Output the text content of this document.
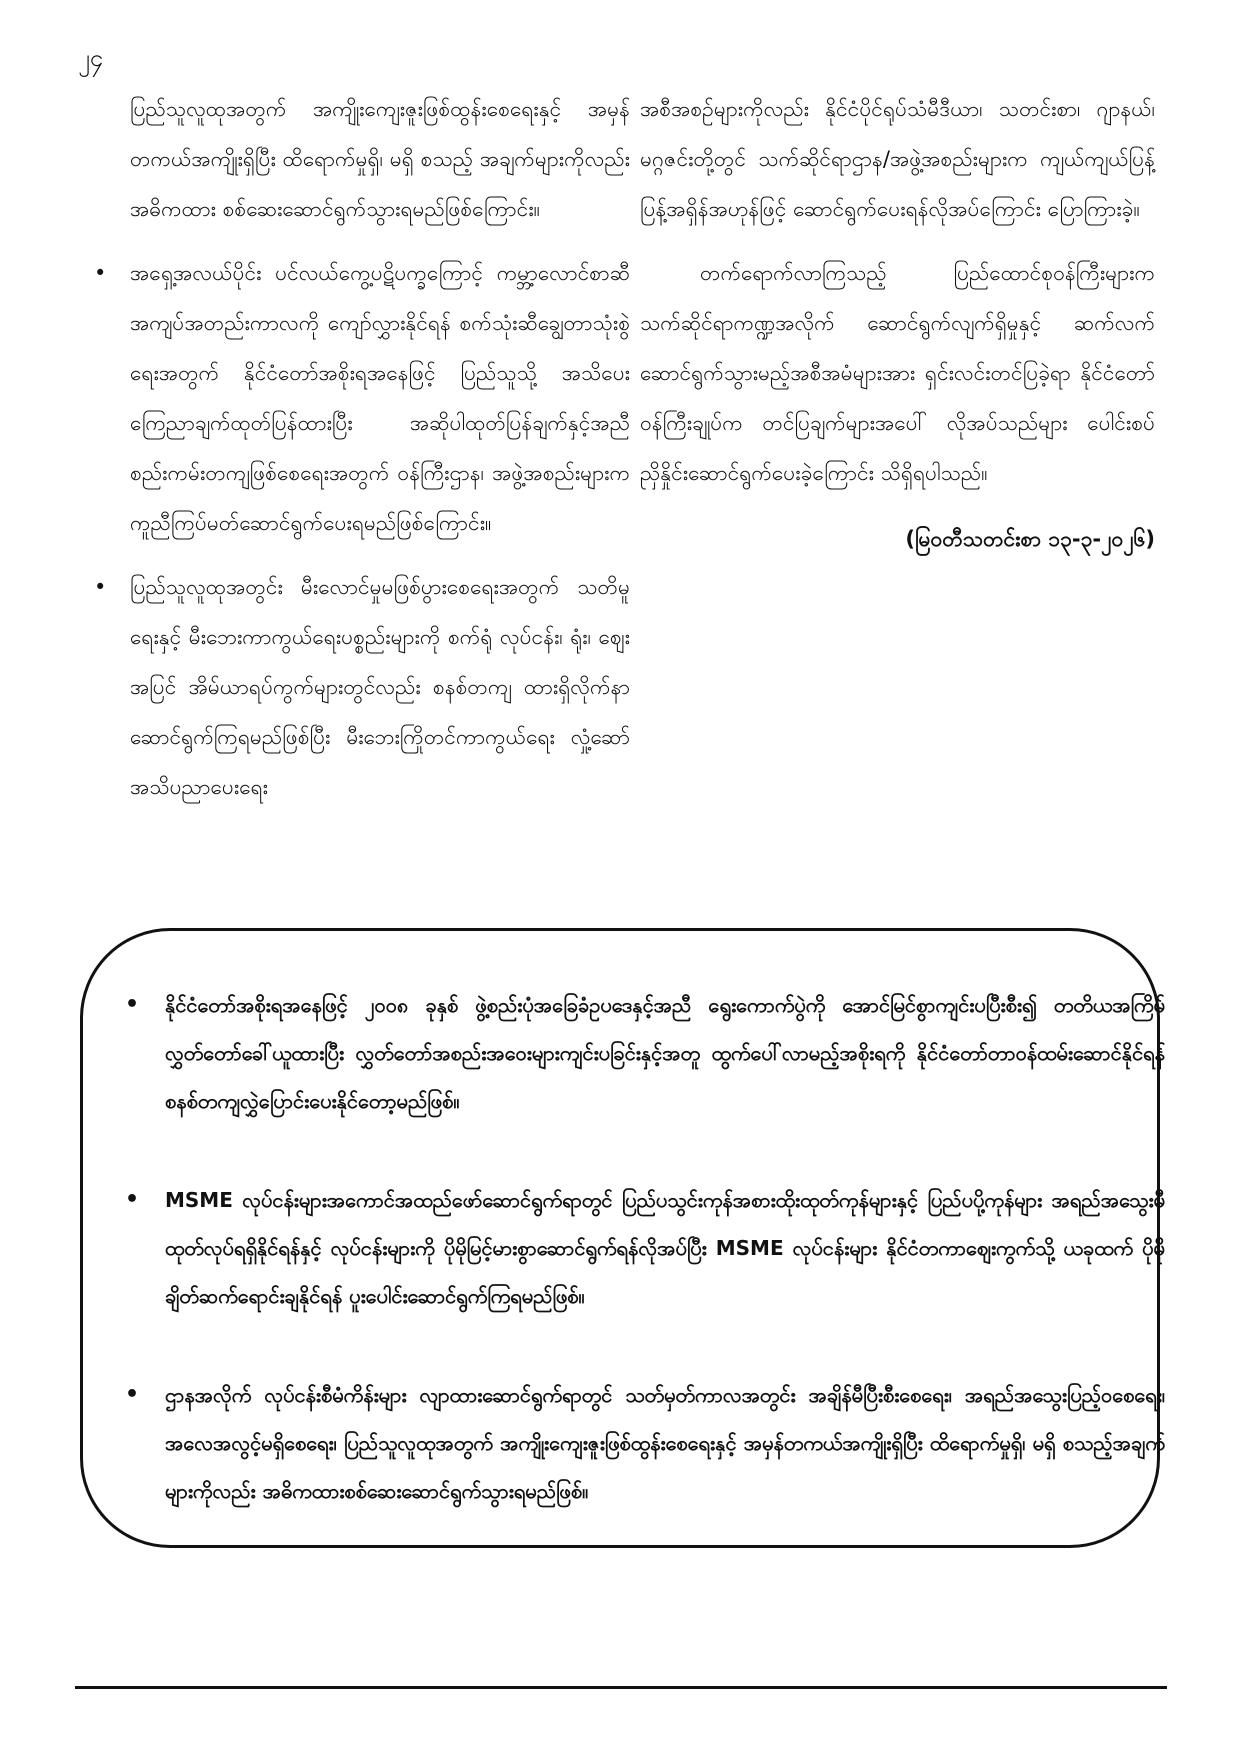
၂၄

ပြည်သူလူထုအတွက် အကျိုးကျေးဇူးဖြစ်ထွန်းစေရေးနှင့် အမှန်တကယ်အကျိုးရှိပြီး ထိရောက်မှုရှိ၊ မရှိ စသည့် အချက်များကိုလည်း အဓိကထား စစ်ဆေးဆောင်ရွက်သွားရမည်ဖြစ်ကြောင်း။

• အရှေ့အလယ်ပိုင်း ပင်လယ်ကွေ့ပဋိပက္ခကြောင့် ကမ္ဘာ့လောင်စာဆီအကျပ်အတည်းကာလကို ကျော်လွှားနိုင်ရန် စက်သုံးဆီချွေတာသုံးစွဲရေးအတွက် နိုင်ငံတော်အစိုးရအနေဖြင့် ပြည်သူသို့ အသိပေးကြေညာချက်ထုတ်ပြန်ထားပြီး အဆိုပါထုတ်ပြန်ချက်နှင့်အညီ စည်းကမ်းတကျဖြစ်စေရေးအတွက် ဝန်ကြီးဌာန၊ အဖွဲ့အစည်းများက ကူညီကြပ်မတ်ဆောင်ရွက်ပေးရမည်ဖြစ်ကြောင်း။
• ပြည်သူလူထုအတွင်း မီးလောင်မှုမဖြစ်ပွားစေရေးအတွက် သတိမူရေးနှင့် မီးဘေးကာကွယ်ရေးပစ္စည်းများကို စက်ရုံ လုပ်ငန်း၊ ရုံး၊ ဈေးအပြင် အိမ်ယာရပ်ကွက်များတွင်လည်း စနစ်တကျ ထားရှိလိုက်နာဆောင်ရွက်ကြရမည်ဖြစ်ပြီး မီးဘေးကြိုတင်ကာကွယ်ရေး လှုံ့ဆော်အသိပညာပေးရေး

အစီအစဉ်များကိုလည်း နိုင်ငံပိုင်ရုပ်သံမီဒီယာ၊ သတင်းစာ၊ ဂျာနယ်၊ မဂ္ဂဇင်းတို့တွင် သက်ဆိုင်ရာဌာန/အဖွဲ့အစည်းများက ကျယ်ကျယ်ပြန့်ပြန့်အရှိန်အဟုန်ဖြင့် ဆောင်ရွက်ပေးရန်လိုအပ်ကြောင်း ပြောကြားခဲ့။

တက်ရောက်လာကြသည့် ပြည်ထောင်စုဝန်ကြီးများက သက်ဆိုင်ရာကဏ္ဍအလိုက် ဆောင်ရွက်လျက်ရှိမှုနှင့် ဆက်လက်ဆောင်ရွက်သွားမည့်အစီအမံများအား ရှင်းလင်းတင်ပြခဲ့ရာ နိုင်ငံတော်ဝန်ကြီးချုပ်က တင်ပြချက်များအပေါ် လိုအပ်သည်များ ပေါင်းစပ်ညှိနှိုင်းဆောင်ရွက်ပေးခဲ့ကြောင်း သိရှိရပါသည်။

(မြဝတီသတင်းစာ ၁၃-၃-၂၀၂၆)
• နိုင်ငံတော်အစိုးရအနေဖြင့် ၂၀၀၈ ခုနှစ် ဖွဲ့စည်းပုံအခြေခံဥပဒေနှင့်အညီ ရွေးကောက်ပွဲကို အောင်မြင်စွာကျင်းပပြီးစီး၍ တတိယအကြိမ်လွှတ်တော်ခေါ်ယူထားပြီး လွှတ်တော်အစည်းအဝေးများကျင်းပခြင်းနှင့်အတူ ထွက်ပေါ်လာမည့်အစိုးရကို နိုင်ငံတော်တာဝန်ထမ်းဆောင်နိုင်ရန် စနစ်တကျလွှဲပြောင်းပေးနိုင်တော့မည်ဖြစ်။
• MSME လုပ်ငန်းများအကောင်အထည်ဖော်ဆောင်ရွက်ရာတွင် ပြည်ပသွင်းကုန်အစားထိုးထုတ်ကုန်များနှင့် ပြည်ပပို့ကုန်များ အရည်အသွေးမီထုတ်လုပ်ရရှိနိုင်ရန်နှင့် လုပ်ငန်းများကို ပိုမိုမြင့်မားစွာဆောင်ရွက်ရန်လိုအပ်ပြီး MSME လုပ်ငန်းများ နိုင်ငံတကာဈေးကွက်သို့ ယခုထက် ပိုမိုချိတ်ဆက်ရောင်းချနိုင်ရန် ပူးပေါင်းဆောင်ရွက်ကြရမည်ဖြစ်။
• ဌာနအလိုက် လုပ်ငန်းစီမံကိန်းများ လျာထားဆောင်ရွက်ရာတွင် သတ်မှတ်ကာလအတွင်း အချိန်မီပြီးစီးစေရေး၊ အရည်အသွေးပြည့်ဝစေရေး၊ အလေအလွင့်မရှိစေရေး၊ ပြည်သူလူထုအတွက် အကျိုးကျေးဇူးဖြစ်ထွန်းစေရေးနှင့် အမှန်တကယ်အကျိုးရှိပြီး ထိရောက်မှုရှိ၊ မရှိ စသည့်အချက်များကိုလည်း အဓိကထားစစ်ဆေးဆောင်ရွက်သွားရမည်ဖြစ်။
